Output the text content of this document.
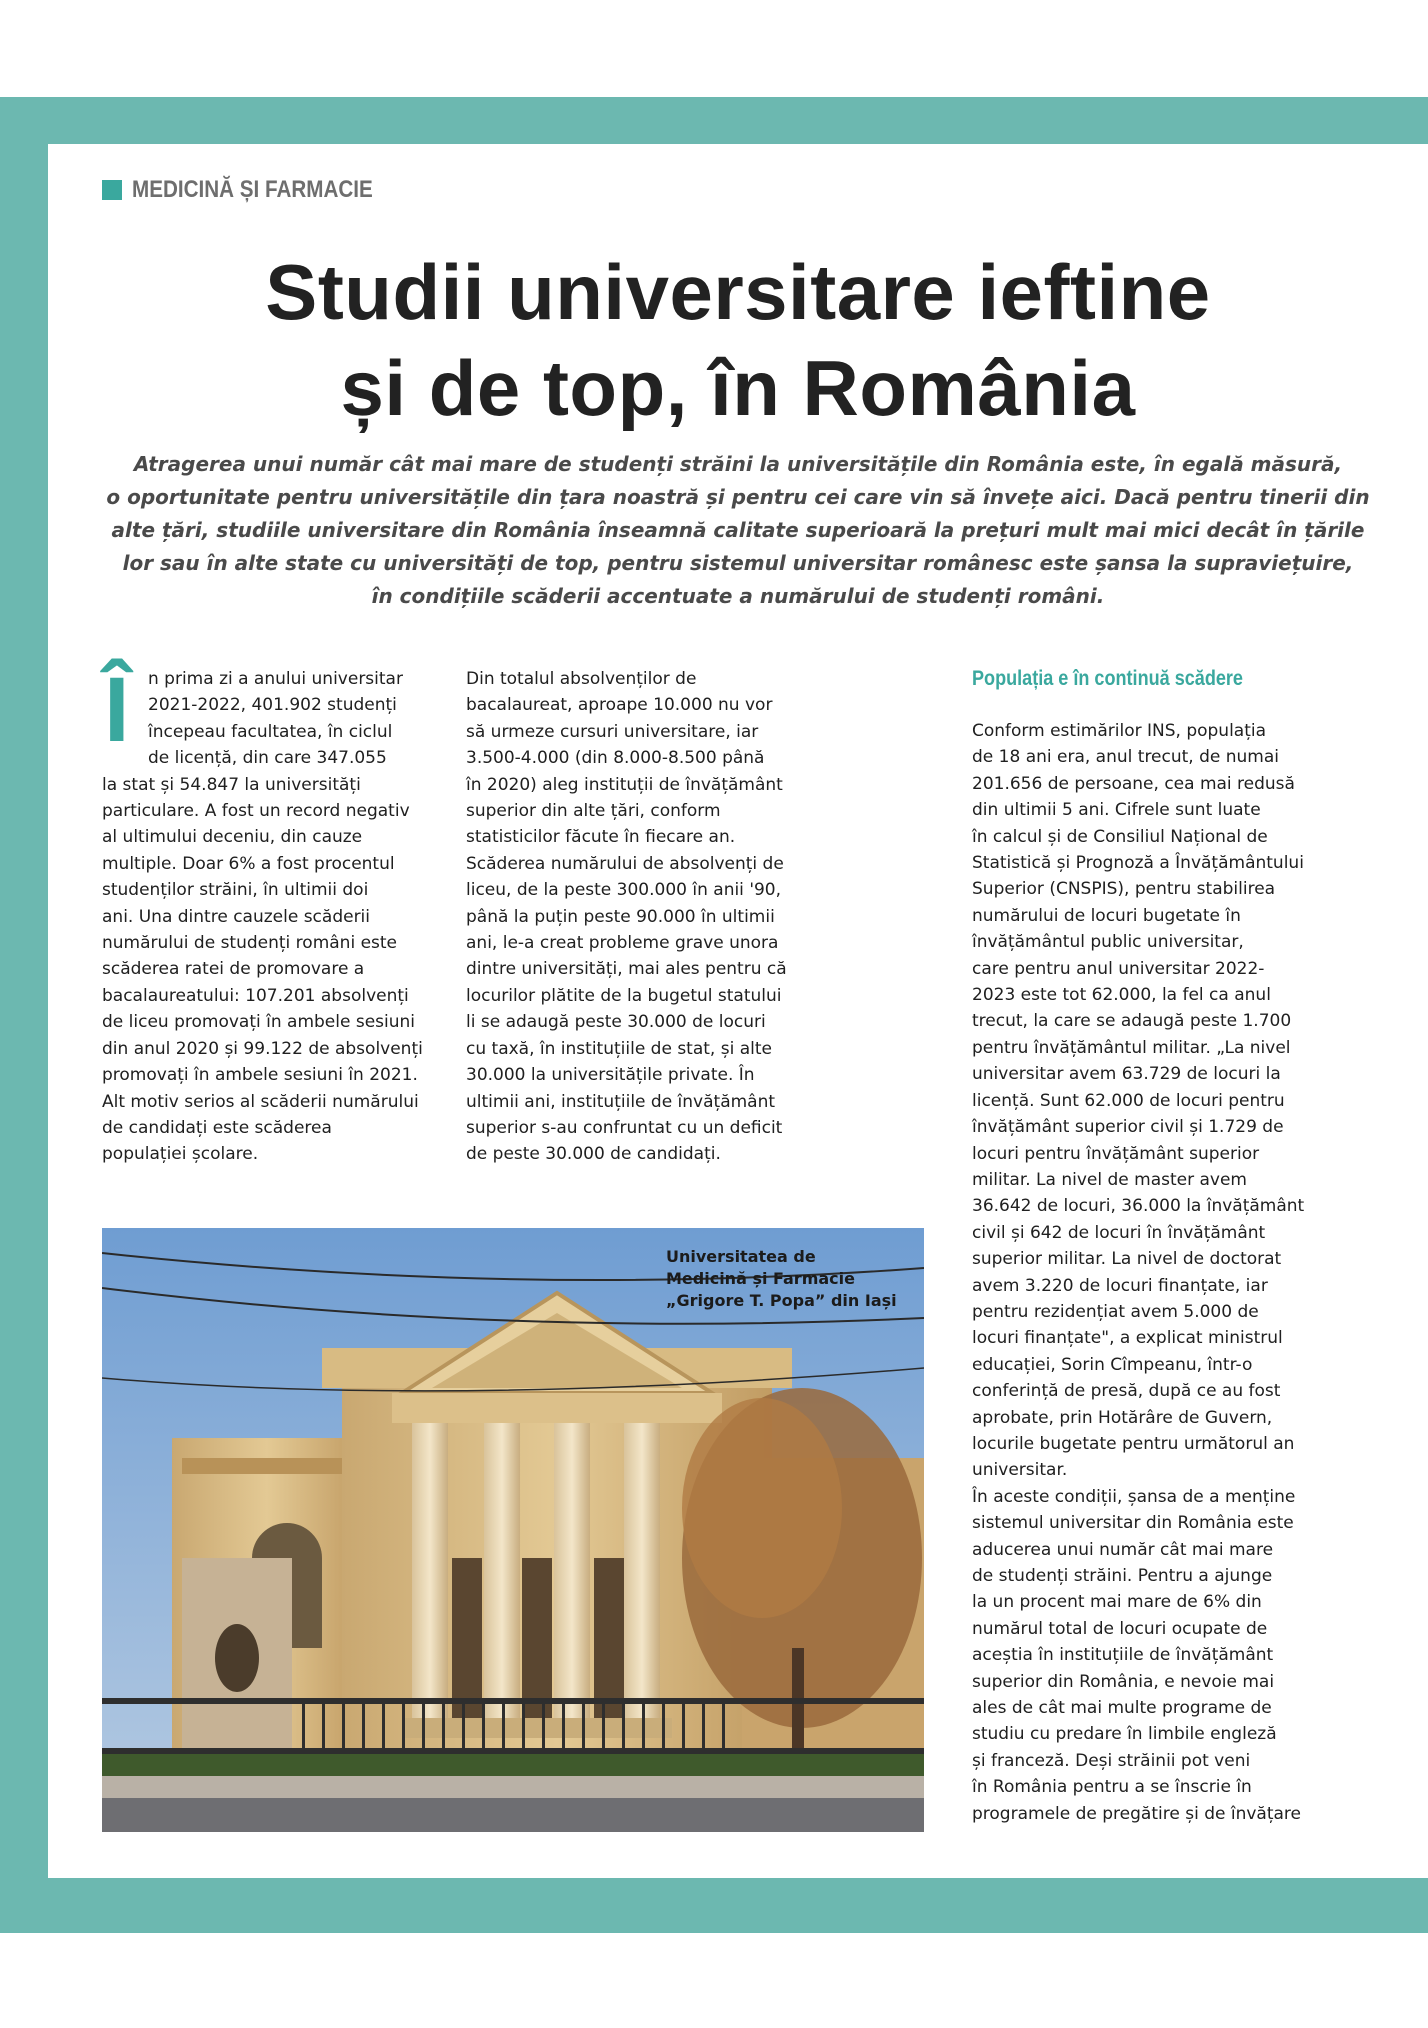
MEDICINĂ ȘI FARMACIE
Studii universitare ieftine
și de top, în România
Atragerea unui număr cât mai mare de studenți străini la universitățile din România este, în egală măsură,
o oportunitate pentru universitățile din țara noastră și pentru cei care vin să învețe aici. Dacă pentru tinerii din
alte țări, studiile universitare din România înseamnă calitate superioară la prețuri mult mai mici decât în țările
lor sau în alte state cu universități de top, pentru sistemul universitar românesc este șansa la supraviețuire,
în condițiile scăderii accentuate a numărului de studenți români.
Î	n prima zi a anului universitar
2021-2022, 401.902 studenți
începeau facultatea, în ciclul
de licență, din care 347.055
la stat și 54.847 la universități
particulare. A fost un record negativ
al ultimului deceniu, din cauze
multiple. Doar 6% a fost procentul
studenților străini, în ultimii doi
ani. Una dintre cauzele scăderii
numărului de studenți români este
scăderea ratei de promovare a
bacalaureatului: 107.201 absolvenți
de liceu promovați în ambele sesiuni
din anul 2020 și 99.122 de absolvenți
promovați în ambele sesiuni în 2021.
Alt motiv serios al scăderii numărului
de candidați este scăderea
populației școlare.

Din totalul absolvenților de
bacalaureat, aproape 10.000 nu vor
să urmeze cursuri universitare, iar
3.500-4.000 (din 8.000-8.500 până
în 2020) aleg instituții de învățământ
superior din alte țări, conform
statisticilor făcute în fiecare an.
Scăderea numărului de absolvenți de
liceu, de la peste 300.000 în anii '90,
până la puțin peste 90.000 în ultimii
ani, le-a creat probleme grave unora
dintre universități, mai ales pentru că
locurilor plătite de la bugetul statului
li se adaugă peste 30.000 de locuri
cu taxă, în instituțiile de stat, și alte
30.000 la universitățile private. În
ultimii ani, instituțiile de învățământ
superior s-au confruntat cu un deficit
de peste 30.000 de candidați.

Populația e în continuă scădere

Conform estimărilor INS, populația
de 18 ani era, anul trecut, de numai
201.656 de persoane, cea mai redusă
din ultimii 5 ani. Cifrele sunt luate
în calcul și de Consiliul Național de
Statistică și Prognoză a Învățământului
Superior (CNSPIS), pentru stabilirea
numărului de locuri bugetate în
învățământul public universitar,
care pentru anul universitar 2022-
2023 este tot 62.000, la fel ca anul
trecut, la care se adaugă peste 1.700
pentru învățământul militar. „La nivel
universitar avem 63.729 de locuri la
licență. Sunt 62.000 de locuri pentru
învățământ superior civil și 1.729 de
locuri pentru învățământ superior
militar. La nivel de master avem
36.642 de locuri, 36.000 la învățământ
civil și 642 de locuri în învățământ
superior militar. La nivel de doctorat
avem 3.220 de locuri finanțate, iar
pentru rezidențiat avem 5.000 de
locuri finanțate", a explicat ministrul
educației, Sorin Cîmpeanu, într-o
conferință de presă, după ce au fost
aprobate, prin Hotărâre de Guvern,
locurile bugetate pentru următorul an
universitar.

În aceste condiții, șansa de a menține
sistemul universitar din România este
aducerea unui număr cât mai mare
de studenți străini. Pentru a ajunge
la un procent mai mare de 6% din
numărul total de locuri ocupate de
aceștia în instituțiile de învățământ
superior din România, e nevoie mai
ales de cât mai multe programe de
studiu cu predare în limbile engleză
și franceză. Deși străinii pot veni
în România pentru a se înscrie în
programele de pregătire și de învățare

Universitatea de
Medicină și Farmacie
„Grigore T. Popa” din Iași
